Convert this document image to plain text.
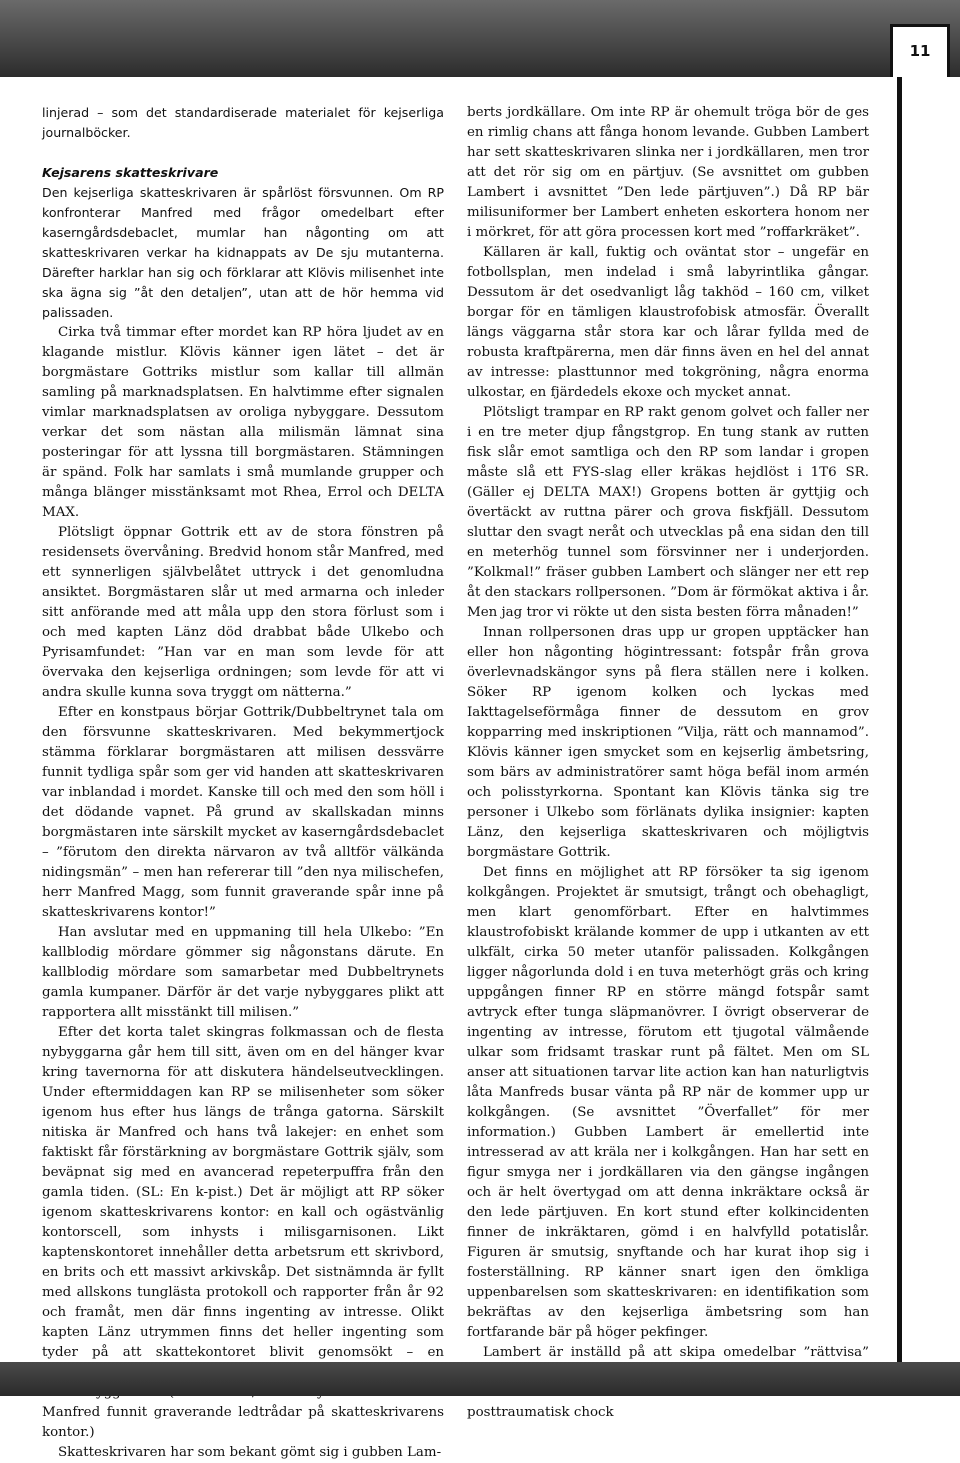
11

linjerad – som det standardiserade materialet för kejserliga journalböcker.

Kejsarens skatteskrivare

Den kejserliga skatteskrivaren är spårlöst försvunnen. Om RP konfronterar Manfred med frågor omedelbart efter kaserngårdsdebaclet, mumlar han någonting om att skatteskrivaren verkar ha kidnappats av De sju mutanterna. Därefter harklar han sig och förklarar att Klövis milisenhet inte ska ägna sig ”åt den detaljen”, utan att de hör hemma vid palissaden.

Cirka två timmar efter mordet kan RP höra ljudet av en klagande mistlur. Klövis känner igen lätet – det är borgmästare Gottriks mistlur som kallar till allmän samling på marknadsplatsen. En halvtimme efter signalen vimlar marknadsplatsen av oroliga nybyggare. Dessutom verkar det som nästan alla milismän lämnat sina posteringar för att lyssna till borgmästaren. Stämningen är spänd. Folk har samlats i små mumlande grupper och många blänger misstänksamt mot Rhea, Errol och DELTA MAX.

Plötsligt öppnar Gottrik ett av de stora fönstren på residensets övervåning. Bredvid honom står Manfred, med ett synnerligen självbelåtet uttryck i det genomludna ansiktet. Borgmästaren slår ut med armarna och inleder sitt anförande med att måla upp den stora förlust som i och med kapten Länz död drabbat både Ulkebo och Pyrisamfundet: ”Han var en man som levde för att övervaka den kejserliga ordningen; som levde för att vi andra skulle kunna sova tryggt om nätterna.”

Efter en konstpaus börjar Gottrik/Dubbeltrynet tala om den försvunne skatteskrivaren. Med bekymmertjock stämma förklarar borgmästaren att milisen dessvärre funnit tydliga spår som ger vid handen att skatteskrivaren var inblandad i mordet. Kanske till och med den som höll i det dödande vapnet. På grund av skallskadan minns borgmästaren inte särskilt mycket av kaserngårdsdebaclet – ”förutom den direkta närvaron av två alltför välkända nidingsmän” – men han refererar till ”den nya milischefen, herr Manfred Magg, som funnit graverande spår inne på skatteskrivarens kontor!”

Han avslutar med en uppmaning till hela Ulkebo: ”En kallblodig mördare gömmer sig någonstans därute. En kallblodig mördare som samarbetar med Dubbeltrynets gamla kumpaner. Därför är det varje nybyggares plikt att rapportera allt misstänkt till milisen.”

Efter det korta talet skingras folkmassan och de flesta nybyggarna går hem till sitt, även om en del hänger kvar kring tavernorna för att diskutera händelseutvecklingen. Under eftermiddagen kan RP se milisenheter som söker igenom hus efter hus längs de trånga gatorna. Särskilt nitiska är Manfred och hans två lakejer: en enhet som faktiskt får förstärkning av borgmästare Gottrik själv, som beväpnat sig med en avancerad repeterpuffra från den gamla tiden. (SL: En k-pist.) Det är möjligt att RP söker igenom skatteskrivarens kontor: en kall och ogästvänlig kontorscell, som inhysts i milisgarnisonen. Likt kaptenskontoret innehåller detta arbetsrum ett skrivbord, en brits och ett massivt arkivskåp. Det sistnämnda är fyllt med allskons tunglästa protokoll och rapporter från år 92 och framåt, men där finns ingenting av intresse. Olikt kapten Länz utrymmen finns det heller ingenting som tyder på att skattekontoret blivit genomsökt – en Manfred funnit graverande ledtrådar på skatteskrivarens kontor.)

Skatteskrivaren har som bekant gömt sig i gubben Lam-

berts jordkällare. Om inte RP är ohemult tröga bör de ges en rimlig chans att fånga honom levande. Gubben Lambert har sett skatteskrivaren slinka ner i jordkällaren, men tror att det rör sig om en pärtjuv. (Se avsnittet om gubben Lambert i avsnittet ”Den lede pärtjuven”.) Då RP bär milisuniformer ber Lambert enheten eskortera honom ner i mörkret, för att göra processen kort med ”roffarkräket”.

Källaren är kall, fuktig och oväntat stor – ungefär en fotbollsplan, men indelad i små labyrintlika gångar. Dessutom är det osedvanligt låg takhöd – 160 cm, vilket borgar för en tämligen klaustrofobisk atmosfär. Överallt längs väggarna står stora kar och lårar fyllda med de robusta kraftpärerna, men där finns även en hel del annat av intresse: plasttunnor med tokgröning, några enorma ulkostar, en fjärdedels ekoxe och mycket annat.

Plötsligt trampar en RP rakt genom golvet och faller ner i en tre meter djup fångstgrop. En tung stank av rutten fisk slår emot samtliga och den RP som landar i gropen måste slå ett FYS-slag eller kräkas hejdlöst i 1T6 SR. (Gäller ej DELTA MAX!) Gropens botten är gyttjig och övertäckt av ruttna pärer och grova fiskfjäll. Dessutom sluttar den svagt neråt och utvecklas på ena sidan den till en meterhög tunnel som försvinner ner i underjorden. ”Kolkmal!” fräser gubben Lambert och slänger ner ett rep åt den stackars rollpersonen. ”Dom är förmökat aktiva i år. Men jag tror vi rökte ut den sista besten förra månaden!”

Innan rollpersonen dras upp ur gropen upptäcker han eller hon någonting högintressant: fotspår från grova överlevnadskängor syns på flera ställen nere i kolken. Söker RP igenom kolken och lyckas med Iakttagelseförmåga finner de dessutom en grov kopparring med inskriptionen ”Vilja, rätt och mannamod”. Klövis känner igen smycket som en kejserlig ämbetsring, som bärs av administratörer samt höga befäl inom armén och polisstyrkorna. Spontant kan Klövis tänka sig tre personer i Ulkebo som förlänats dylika insignier: kapten Länz, den kejserliga skatteskrivaren och möjligtvis borgmästare Gottrik.

Det finns en möjlighet att RP försöker ta sig igenom kolkgången. Projektet är smutsigt, trångt och obehagligt, men klart genomförbart. Efter en halvtimmes klaustrofobiskt krälande kommer de upp i utkanten av ett ulkfält, cirka 50 meter utanför palissaden. Kolkgången ligger någorlunda dold i en tuva meterhögt gräs och kring uppgången finner RP en större mängd fotspår samt avtryck efter tunga släpmanövrer. I övrigt observerar de ingenting av intresse, förutom ett tjugotal välmående ulkar som fridsamt traskar runt på fältet. Men om SL anser att situationen tarvar lite action kan han naturligtvis låta Manfreds busar vänta på RP när de kommer upp ur kolkgången. (Se avsnittet ”Överfallet” för mer information.) Gubben Lambert är emellertid inte intresserad av att kräla ner i kolkgången. Han har sett en figur smyga ner i jordkällaren via den gängse ingången och är helt övertygad om att denna inkräktare också är den lede pärtjuven. En kort stund efter kolkincidenten finner de inkräktaren, gömd i en halvfylld potatislår. Figuren är smutsig, snyftande och har kurat ihop sig i fosterställning. RP känner snart igen den ömkliga uppenbarelsen som skatteskrivaren: en identifikation som bekräftas av den kejserliga ämbetsring som han fortfarande bär på höger pekfinger.

Lambert är inställd på att skipa omedelbar ”rättvisa” posttraumatisk chock
